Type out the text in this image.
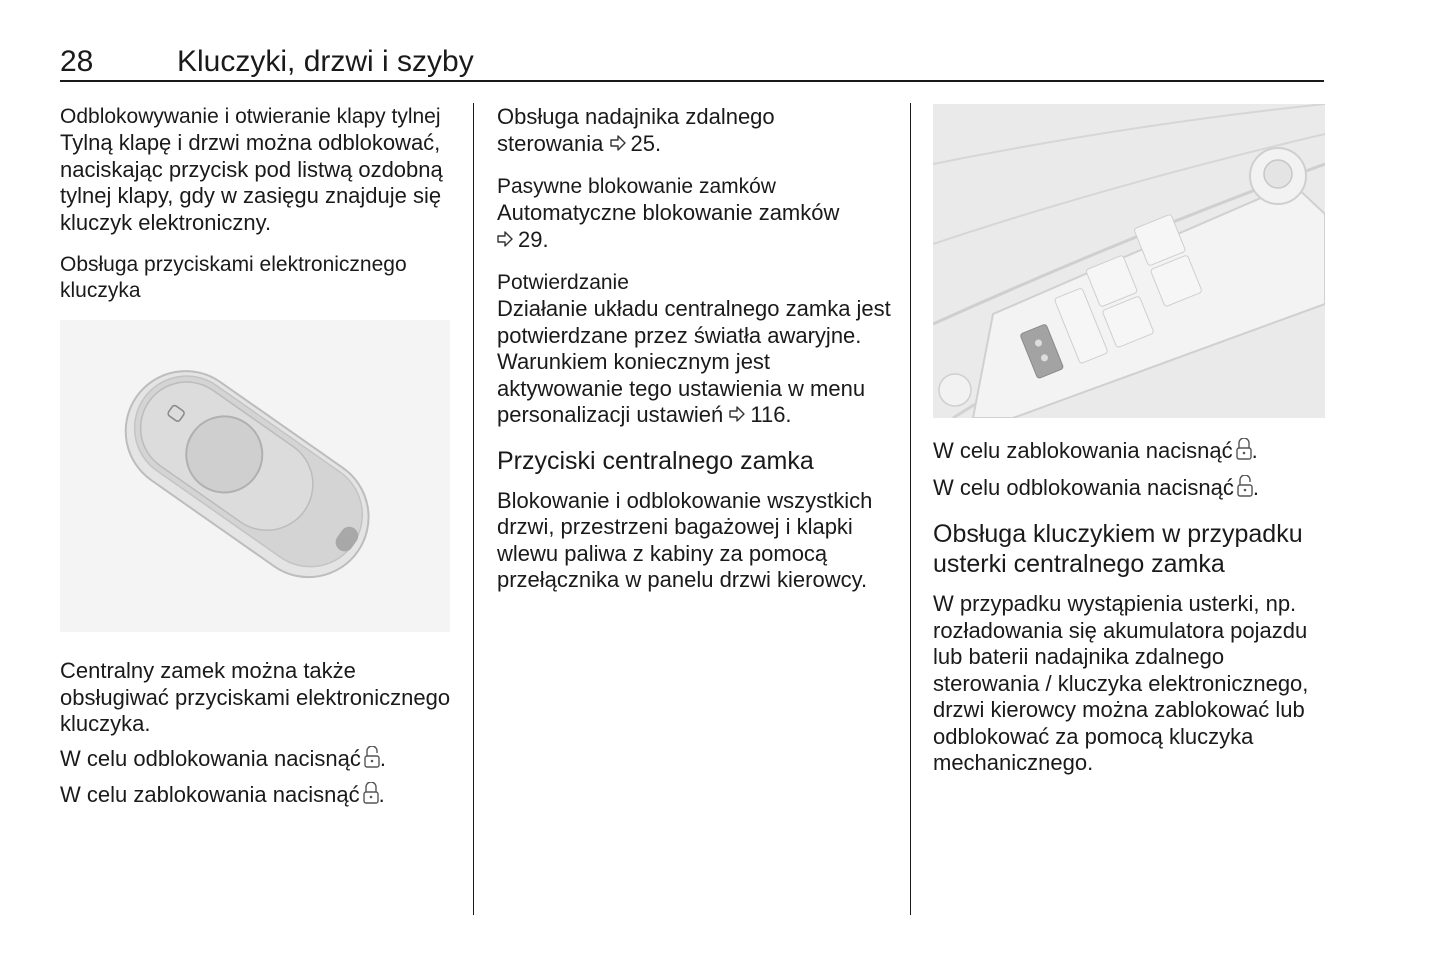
28	Kluczyki, drzwi i szyby

Odblokowywanie i otwieranie klapy tylnej

Tylną klapę i drzwi można odblokować, naciskając przycisk pod listwą ozdobną tylnej klapy, gdy w zasięgu znajduje się kluczyk elektroniczny.

Obsługa przyciskami elektronicznego kluczyka

Centralny zamek można także obsługiwać przyciskami elektronicznego kluczyka.

W celu odblokowania nacisnąć .

W celu zablokowania nacisnąć .

Obsługa nadajnika zdalnego
sterowania 25.

Pasywne blokowanie zamków

Automatyczne blokowanie zamków
29.

Potwierdzanie

Działanie układu centralnego zamka jest potwierdzane przez światła awaryjne. Warunkiem koniecznym jest aktywowanie tego ustawienia w menu personalizacji ustawień 116.

Przyciski centralnego zamka

Blokowanie i odblokowanie wszystkich drzwi, przestrzeni bagażowej i klapki wlewu paliwa z kabiny za pomocą przełącznika w panelu drzwi kierowcy.

W celu zablokowania nacisnąć .

W celu odblokowania nacisnąć .

Obsługa kluczykiem w przypadku usterki centralnego zamka

W przypadku wystąpienia usterki, np. rozładowania się akumulatora pojazdu lub baterii nadajnika zdalnego sterowania / kluczyka elektronicznego, drzwi kierowcy można zablokować lub odblokować za pomocą kluczyka mechanicznego.
